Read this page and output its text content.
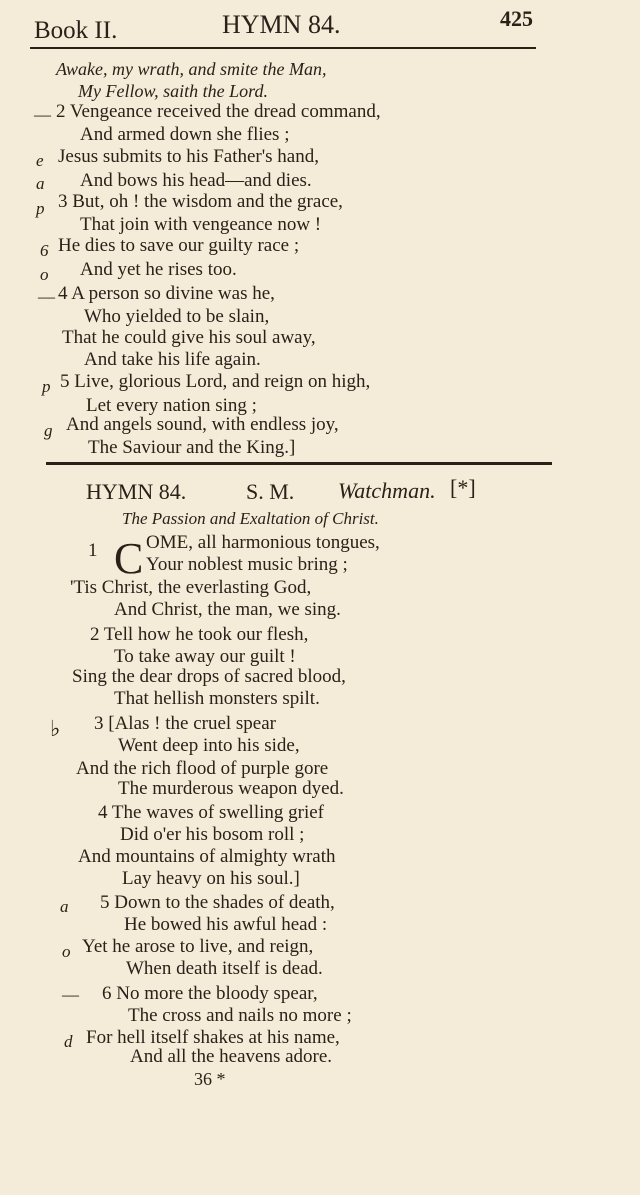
Book II.	HYMN 84.	425
Awake, my wrath, and smite the Man,
My Fellow, saith the Lord.
— 2 Vengeance received the dread command,
And armed down she flies ;
e Jesus submits to his Father's hand,
a And bows his head—and dies.
p 3 But, oh ! the wisdom and the grace,
That join with vengeance now !
6 He dies to save our guilty race ;
o And yet he rises too.
— 4 A person so divine was he,
Who yielded to be slain,
That he could give his soul away,
And take his life again.
p 5 Live, glorious Lord, and reign on high,
Let every nation sing ;
g And angels sound, with endless joy,
The Saviour and the King.]
HYMN 84.	S. M. Watchman. [*]
The Passion and Exaltation of Christ.
1 C OME, all harmonious tongues,
Your noblest music bring ;
'Tis Christ, the everlasting God,
And Christ, the man, we sing.
2 Tell how he took our flesh,
To take away our guilt !
Sing the dear drops of sacred blood,
That hellish monsters spilt.
♭ 3 [Alas ! the cruel spear
Went deep into his side,
And the rich flood of purple gore
The murderous weapon dyed.
4 The waves of swelling grief
Did o'er his bosom roll ;
And mountains of almighty wrath
Lay heavy on his soul.]
a 5 Down to the shades of death,
He bowed his awful head :
o Yet he arose to live, and reign,
When death itself is dead.
— 6 No more the bloody spear,
The cross and nails no more ;
d For hell itself shakes at his name,
And all the heavens adore.
36 *
